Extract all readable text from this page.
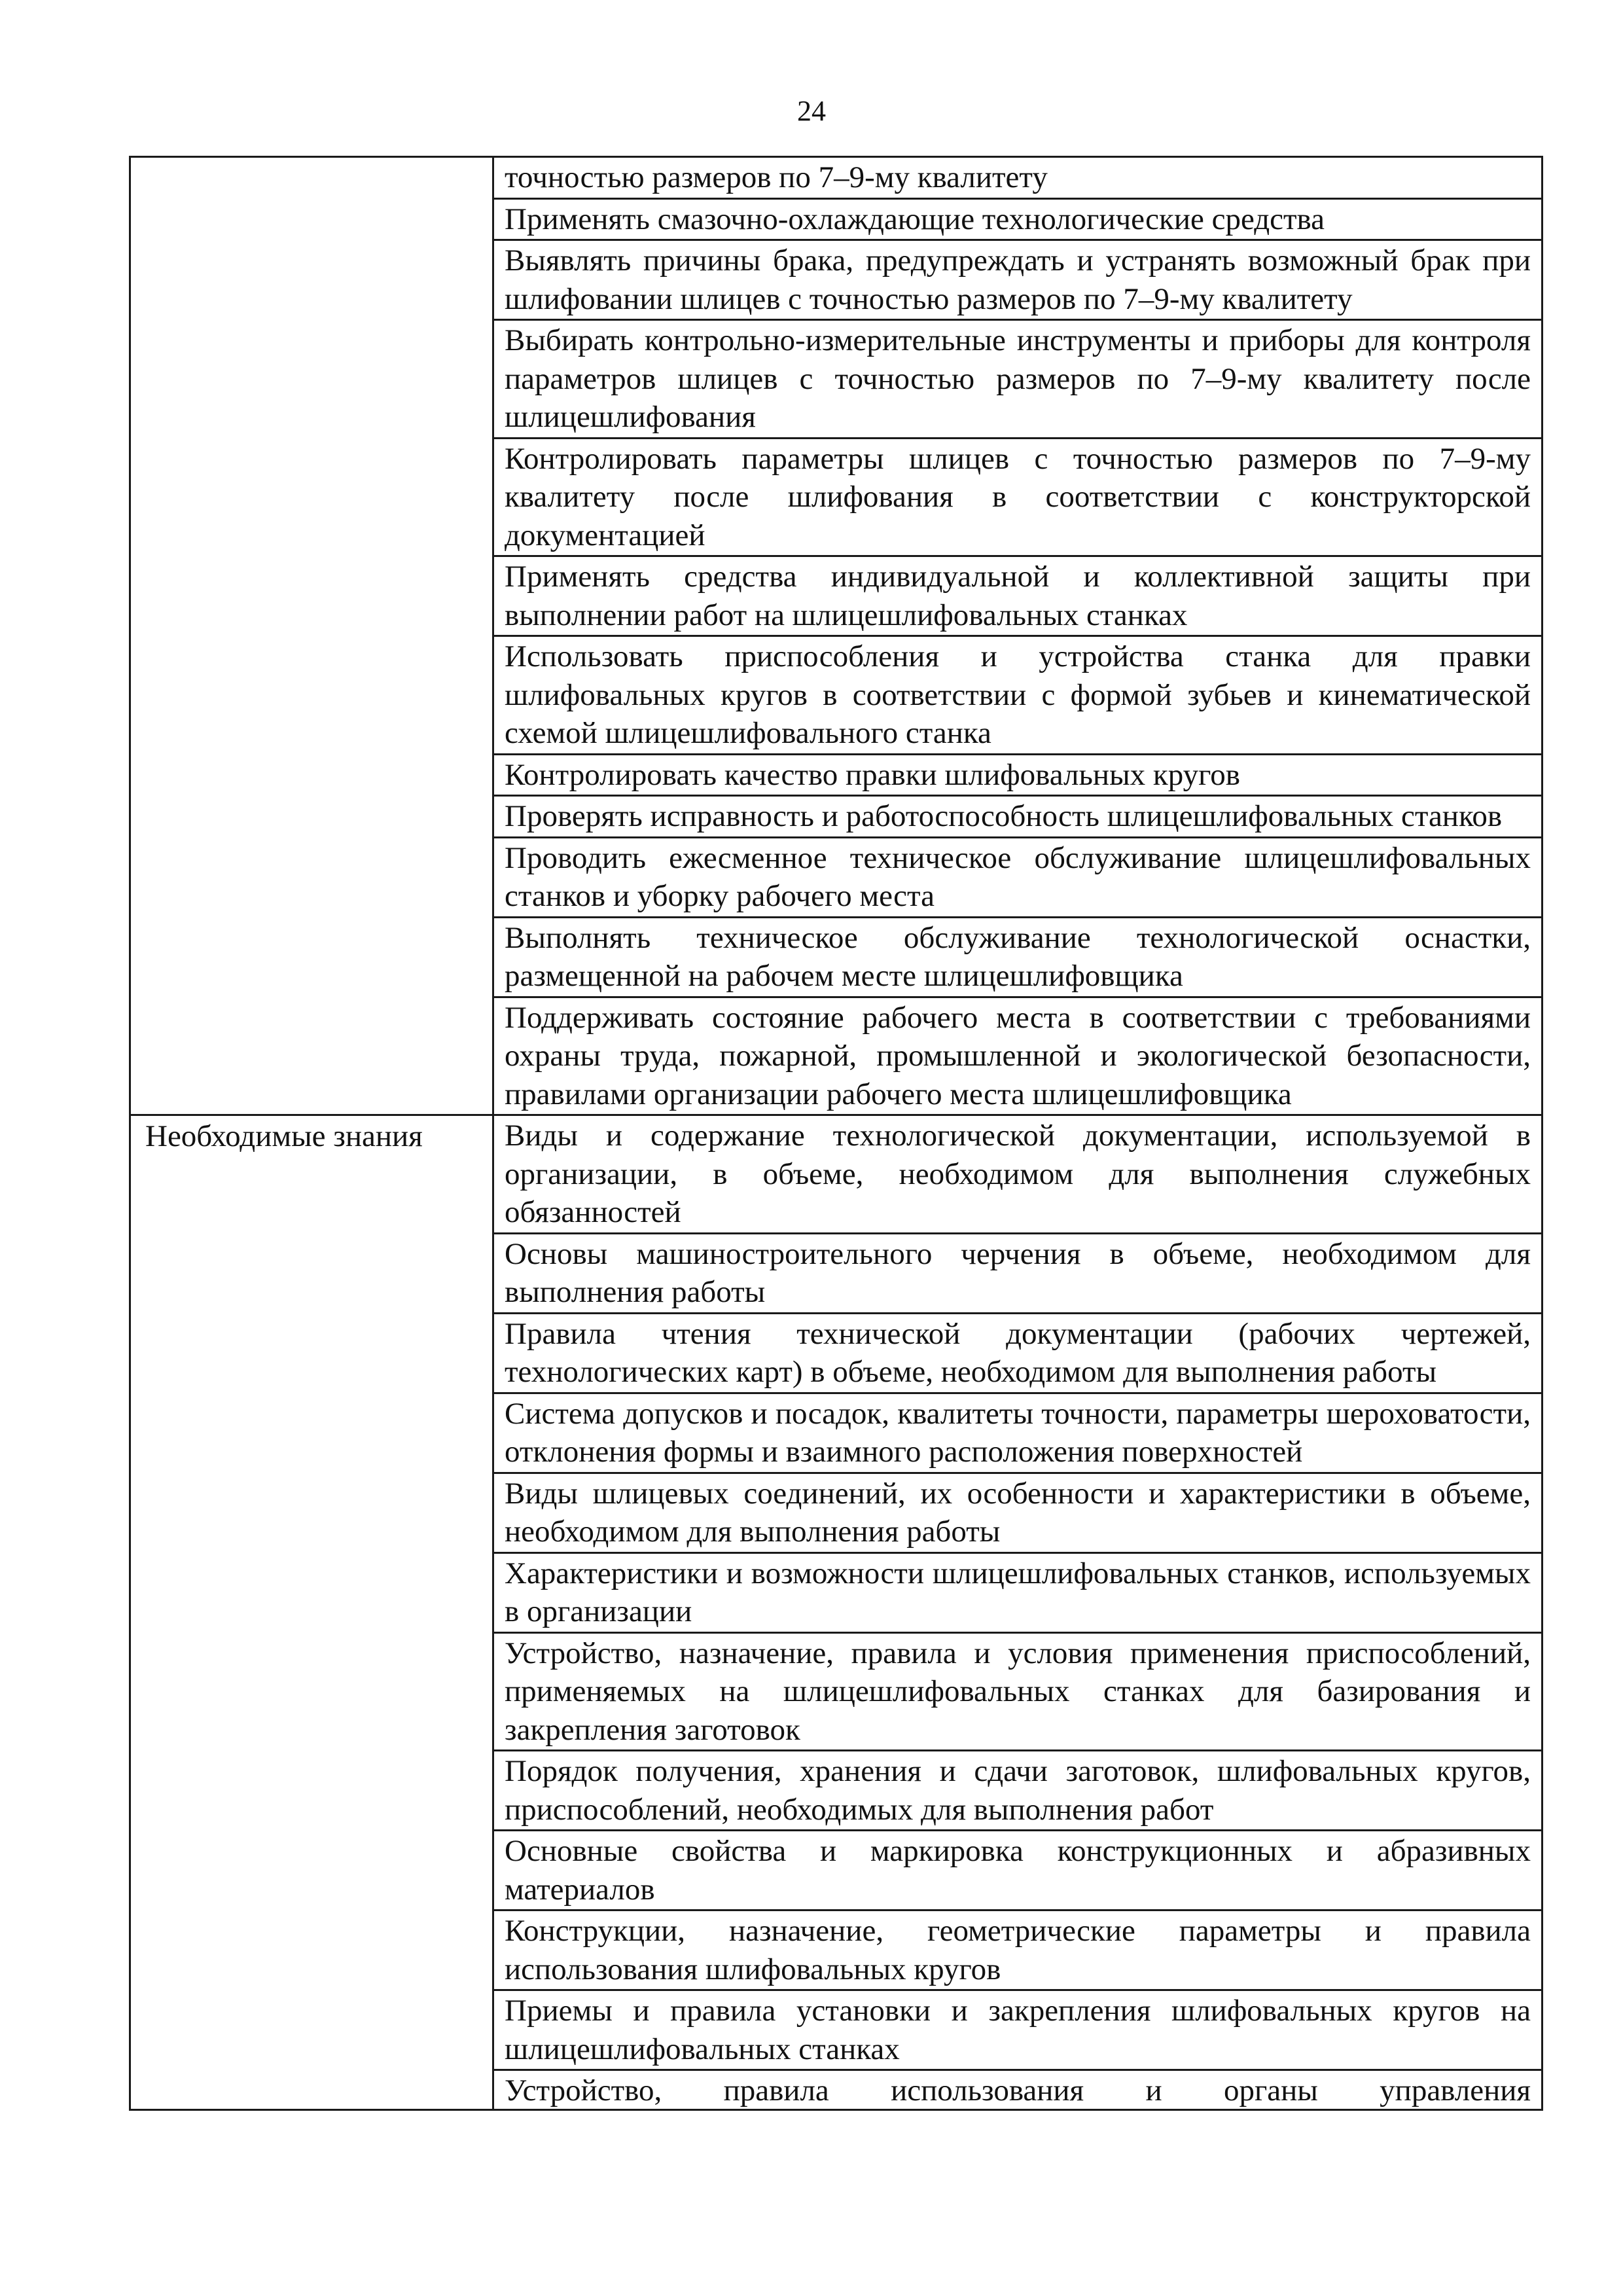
24

	точностью размеров по 7–9-му квалитету

	Применять смазочно-охлаждающие технологические средства

	Выявлять причины брака, предупреждать и устранять возможный брак при шлифовании шлицев с точностью размеров по 7–9-му квалитету

	Выбирать контрольно-измерительные инструменты и приборы для контроля параметров шлицев с точностью размеров по 7–9-му квалитету после шлицешлифования

	Контролировать параметры шлицев с точностью размеров по 7–9-му квалитету после шлифования в соответствии с конструкторской документацией

	Применять средства индивидуальной и коллективной защиты при выполнении работ на шлицешлифовальных станках

	Использовать приспособления и устройства станка для правки шлифовальных кругов в соответствии с формой зубьев и кинематической схемой шлицешлифовального станка

	Контролировать качество правки шлифовальных кругов

	Проверять исправность и работоспособность шлицешлифовальных станков

	Проводить ежесменное техническое обслуживание шлицешлифовальных станков и уборку рабочего места

	Выполнять техническое обслуживание технологической оснастки, размещенной на рабочем месте шлицешлифовщика

	Поддерживать состояние рабочего места в соответствии с требованиями охраны труда, пожарной, промышленной и экологической безопасности, правилами организации рабочего места шлицешлифовщика

Необходимые знания	Виды и содержание технологической документации, используемой в организации, в объеме, необходимом для выполнения служебных обязанностей

	Основы машиностроительного черчения в объеме, необходимом для выполнения работы

	Правила чтения технической документации (рабочих чертежей, технологических карт) в объеме, необходимом для выполнения работы

	Система допусков и посадок, квалитеты точности, параметры шероховатости, отклонения формы и взаимного расположения поверхностей

	Виды шлицевых соединений, их особенности и характеристики в объеме, необходимом для выполнения работы

	Характеристики и возможности шлицешлифовальных станков, используемых в организации

	Устройство, назначение, правила и условия применения приспособлений, применяемых на шлицешлифовальных станках для базирования и закрепления заготовок

	Порядок получения, хранения и сдачи заготовок, шлифовальных кругов, приспособлений, необходимых для выполнения работ

	Основные свойства и маркировка конструкционных и абразивных материалов

	Конструкции, назначение, геометрические параметры и правила использования шлифовальных кругов

	Приемы и правила установки и закрепления шлифовальных кругов на шлицешлифовальных станках

	Устройство, правила использования и органы управления
